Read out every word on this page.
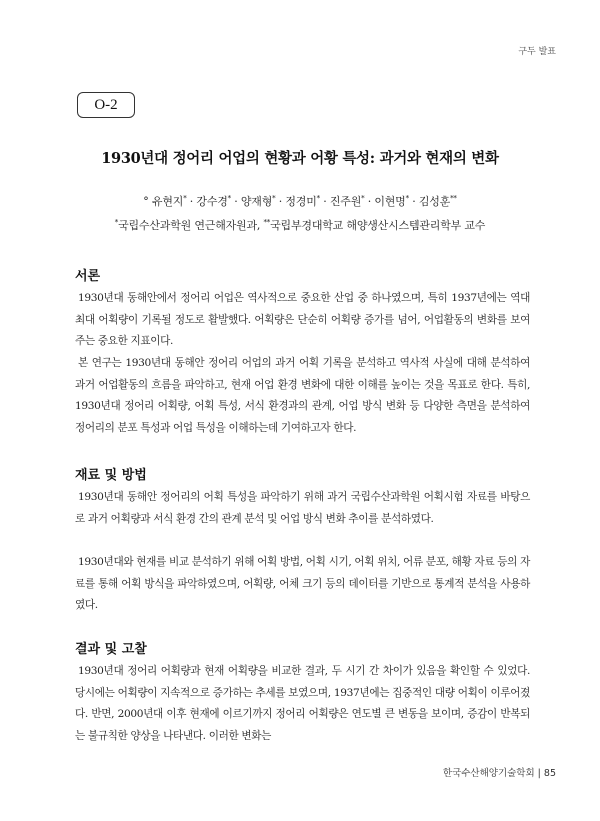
구두 발표
O-2
1930년대 정어리 어업의 현황과 어황 특성: 과거와 현재의 변화
° 유현지* · 강수경* · 양재형* · 정경미* · 진주원* · 이현명* · 김성훈**
*국립수산과학원 연근해자원과, **국립부경대학교 해양생산시스템관리학부 교수
서론

1930년대 동해안에서 정어리 어업은 역사적으로 중요한 산업 중 하나였으며, 특히 1937년에는 역대 최대 어획량이 기록될 정도로 활발했다. 어획량은 단순히 어획량 증가를 넘어, 어업활동의 변화를 보여주는 중요한 지표이다.

본 연구는 1930년대 동해안 정어리 어업의 과거 어획 기록을 분석하고 역사적 사실에 대해 분석하여 과거 어업활동의 흐름을 파악하고, 현재 어업 환경 변화에 대한 이해를 높이는 것을 목표로 한다. 특히, 1930년대 정어리 어획량, 어획 특성, 서식 환경과의 관계, 어업 방식 변화 등 다양한 측면을 분석하여 정어리의 분포 특성과 어업 특성을 이해하는데 기여하고자 한다.

재료 및 방법

1930년대 동해안 정어리의 어획 특성을 파악하기 위해 과거 국립수산과학원 어획시험 자료를 바탕으로 과거 어획량과 서식 환경 간의 관계 분석 및 어업 방식 변화 추이를 분석하였다.

1930년대와 현재를 비교 분석하기 위해 어획 방법, 어획 시기, 어획 위치, 어류 분포, 해황 자료 등의 자료를 통해 어획 방식을 파악하였으며, 어획량, 어체 크기 등의 데이터를 기반으로 통계적 분석을 사용하였다.

결과 및 고찰

1930년대 정어리 어획량과 현재 어획량을 비교한 결과, 두 시기 간 차이가 있음을 확인할 수 있었다. 당시에는 어획량이 지속적으로 증가하는 추세를 보였으며, 1937년에는 집중적인 대량 어획이 이루어졌다. 반면, 2000년대 이후 현재에 이르기까지 정어리 어획량은 연도별 큰 변동을 보이며, 증감이 반복되는 불규칙한 양상을 나타낸다. 이러한 변화는

한국수산해양기술학회 | 85
